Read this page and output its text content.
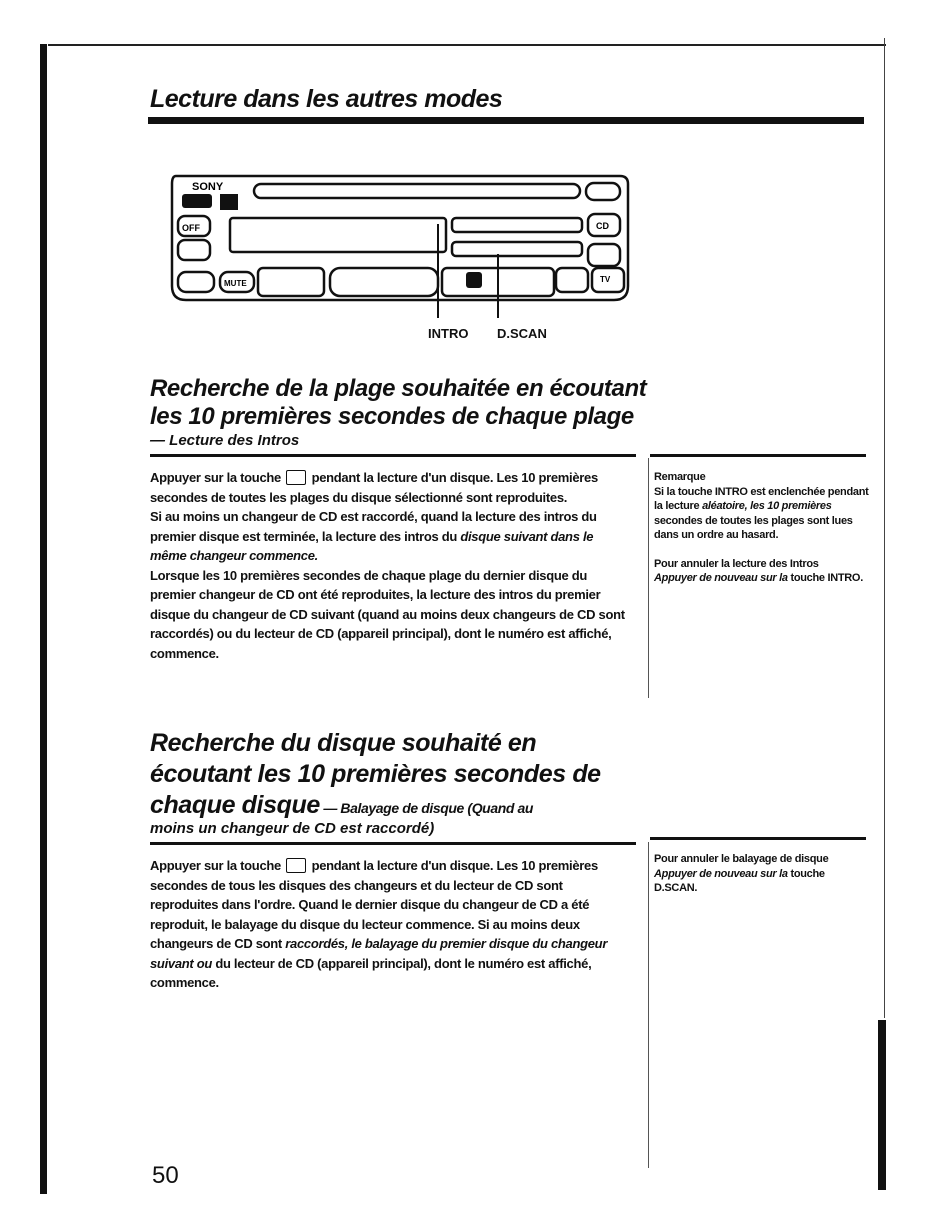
Lecture dans les autres modes
SONY
OFF
MUTE
CD
TV
INTRO D.SCAN
Recherche de la plage souhaitée en écoutant
les 10 premières secondes de chaque plage
— Lecture des Intros

Appuyer sur la touche pendant la lecture d'un disque. Les 10 premières secondes de toutes les plages du disque sélectionné sont reproduites.

Si au moins un changeur de CD est raccordé, quand la lecture des intros du premier disque est terminée, la lecture des intros du disque suivant dans le même changeur commence.

Lorsque les 10 premières secondes de chaque plage du dernier disque du premier changeur de CD ont été reproduites, la lecture des intros du premier disque du changeur de CD suivant (quand au moins deux changeurs de CD sont raccordés) ou du lecteur de CD (appareil principal), dont le numéro est affiché, commence.

Remarque
Si la touche INTRO est enclenchée pendant la lecture aléatoire, les 10 premières secondes de toutes les plages sont lues dans un ordre au hasard.

Pour annuler la lecture des Intros
Appuyer de nouveau sur la touche INTRO.

Recherche du disque souhaité en
écoutant les 10 premières secondes de
chaque disque — Balayage de disque (Quand au
moins un changeur de CD est raccordé)

Appuyer sur la touche pendant la lecture d'un disque. Les 10 premières secondes de tous les disques des changeurs et du lecteur de CD sont reproduites dans l'ordre. Quand le dernier disque du changeur de CD a été reproduit, le balayage du disque du lecteur commence. Si au moins deux changeurs de CD sont raccordés, le balayage du premier disque du changeur suivant ou du lecteur de CD (appareil principal), dont le numéro est affiché, commence.

Pour annuler le balayage de disque
Appuyer de nouveau sur la touche D.SCAN.

50
